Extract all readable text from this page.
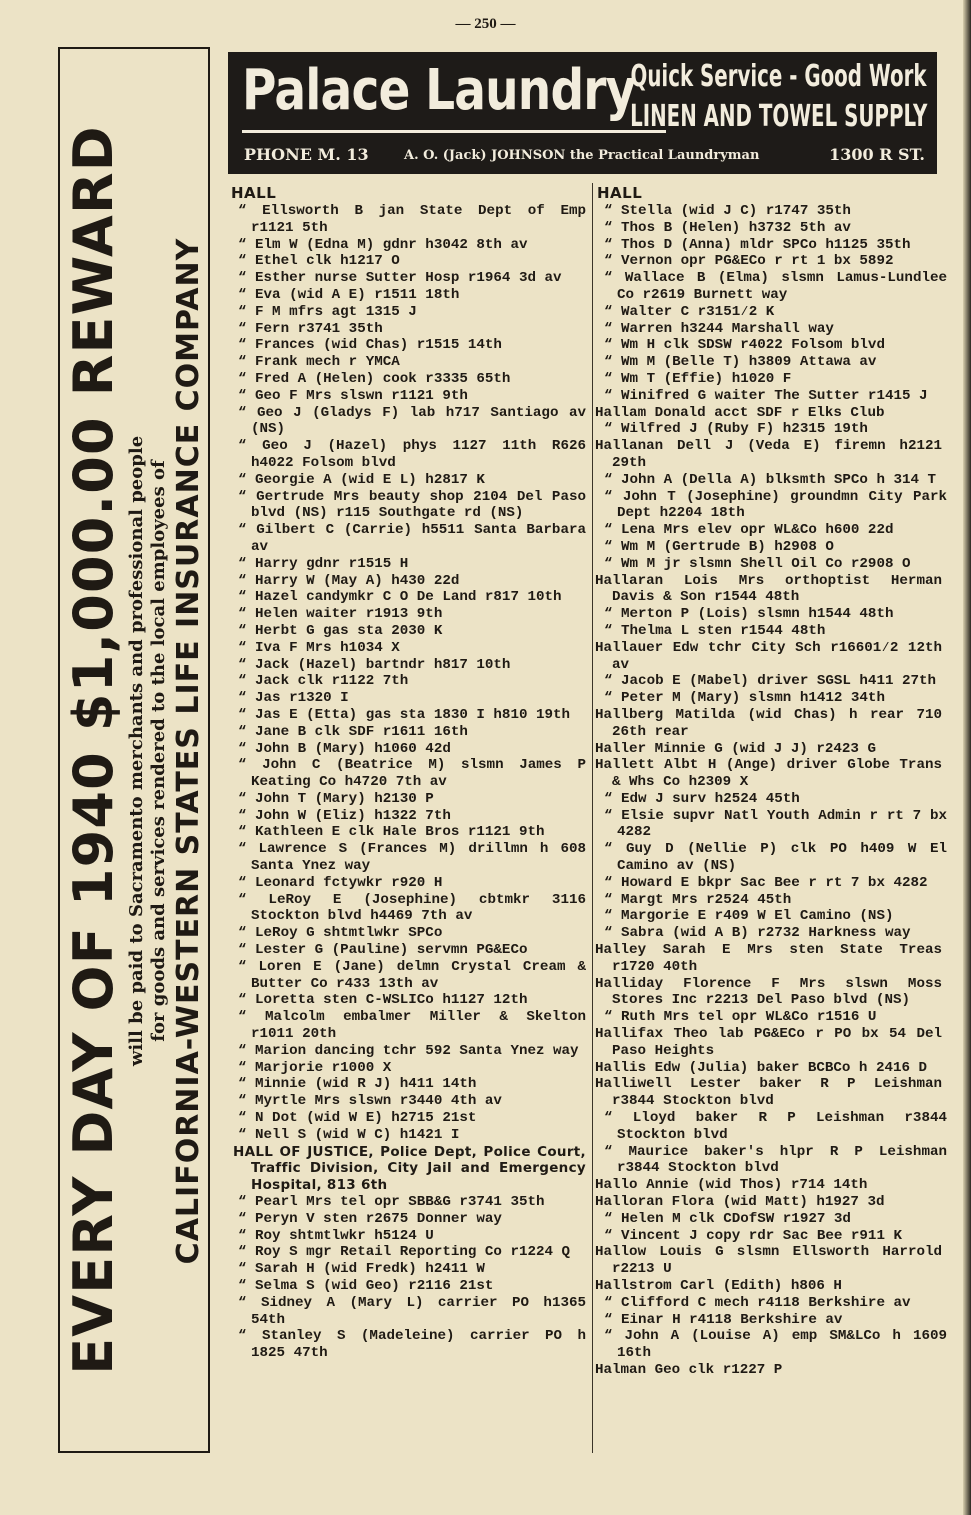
— 250 —
EVERY DAY OF 1940 $1,000.00 REWARD will be paid to Sacramento merchants and professional people for goods and services rendered to the local employees of CALIFORNIA-WESTERN STATES LIFE INSURANCE COMPANY
Palace Laundry
Quick Service - Good Work
LINEN AND TOWEL SUPPLY
PHONE M. 13	A. O. (Jack) JOHNSON the Practical Laundryman	1300 R ST.
HALL
“ Ellsworth B jan State Dept of Emp r1121 5th
“ Elm W (Edna M) gdnr h3042 8th av
“ Ethel clk h1217 O
“ Esther nurse Sutter Hosp r1964 3d av
“ Eva (wid A E) r1511 18th
“ F M mfrs agt 1315 J
“ Fern r3741 35th
“ Frances (wid Chas) r1515 14th
“ Frank mech r YMCA
“ Fred A (Helen) cook r3335 65th
“ Geo F Mrs slswn r1121 9th
“ Geo J (Gladys F) lab h717 Santiago av (NS)
“ Geo J (Hazel) phys 1127 11th R626 h4022 Folsom blvd
“ Georgie A (wid E L) h2817 K
“ Gertrude Mrs beauty shop 2104 Del Paso blvd (NS) r115 Southgate rd (NS)
“ Gilbert C (Carrie) h5511 Santa Barbara av
“ Harry gdnr r1515 H
“ Harry W (May A) h430 22d
“ Hazel candymkr C O De Land r817 10th
“ Helen waiter r1913 9th
“ Herbt G gas sta 2030 K
“ Iva F Mrs h1034 X
“ Jack (Hazel) bartndr h817 10th
“ Jack clk r1122 7th
“ Jas r1320 I
“ Jas E (Etta) gas sta 1830 I h810 19th
“ Jane B clk SDF r1611 16th
“ John B (Mary) h1060 42d
“ John C (Beatrice M) slsmn James P Keating Co h4720 7th av
“ John T (Mary) h2130 P
“ John W (Eliz) h1322 7th
“ Kathleen E clk Hale Bros r1121 9th
“ Lawrence S (Frances M) drillmn h 608 Santa Ynez way
“ Leonard fctywkr r920 H
“ LeRoy E (Josephine) cbtmkr 3116 Stockton blvd h4469 7th av
“ LeRoy G shtmtlwkr SPCo
“ Lester G (Pauline) servmn PG&ECo
“ Loren E (Jane) delmn Crystal Cream & Butter Co r433 13th av
“ Loretta sten C-WSLICo h1127 12th
“ Malcolm embalmer Miller & Skelton r1011 20th
“ Marion dancing tchr 592 Santa Ynez way
“ Marjorie r1000 X
“ Minnie (wid R J) h411 14th
“ Myrtle Mrs slswn r3440 4th av
“ N Dot (wid W E) h2715 21st
“ Nell S (wid W C) h1421 I
HALL OF JUSTICE, Police Dept, Police Court, Traffic Division, City Jail and Emergency Hospital, 813 6th
“ Pearl Mrs tel opr SBB&G r3741 35th
“ Peryn V sten r2675 Donner way
“ Roy shtmtlwkr h5124 U
“ Roy S mgr Retail Reporting Co r1224 Q
“ Sarah H (wid Fredk) h2411 W
“ Selma S (wid Geo) r2116 21st
“ Sidney A (Mary L) carrier PO h1365 54th
“ Stanley S (Madeleine) carrier PO h 1825 47th
HALL
“ Stella (wid J C) r1747 35th
“ Thos B (Helen) h3732 5th av
“ Thos D (Anna) mldr SPCo h1125 35th
“ Vernon opr PG&ECo r rt 1 bx 5892
“ Wallace B (Elma) slsmn Lamus-Lundlee Co r2619 Burnett way
“ Walter C r3151⁄2 K
“ Warren h3244 Marshall way
“ Wm H clk SDSW r4022 Folsom blvd
“ Wm M (Belle T) h3809 Attawa av
“ Wm T (Effie) h1020 F
“ Winifred G waiter The Sutter r1415 J
Hallam Donald acct SDF r Elks Club
“ Wilfred J (Ruby F) h2315 19th
Hallanan Dell J (Veda E) firemn h2121 29th
“ John A (Della A) blksmth SPCo h 314 T
“ John T (Josephine) groundmn City Park Dept h2204 18th
“ Lena Mrs elev opr WL&Co h600 22d
“ Wm M (Gertrude B) h2908 O
“ Wm M jr slsmn Shell Oil Co r2908 O
Hallaran Lois Mrs orthoptist Herman Davis & Son r1544 48th
“ Merton P (Lois) slsmn h1544 48th
“ Thelma L sten r1544 48th
Hallauer Edw tchr City Sch r16601⁄2 12th av
“ Jacob E (Mabel) driver SGSL h411 27th
“ Peter M (Mary) slsmn h1412 34th
Hallberg Matilda (wid Chas) h rear 710 26th rear
Haller Minnie G (wid J J) r2423 G
Hallett Albt H (Ange) driver Globe Trans & Whs Co h2309 X
“ Edw J surv h2524 45th
“ Elsie supvr Natl Youth Admin r rt 7 bx 4282
“ Guy D (Nellie P) clk PO h409 W El Camino av (NS)
“ Howard E bkpr Sac Bee r rt 7 bx 4282
“ Margt Mrs r2524 45th
“ Margorie E r409 W El Camino (NS)
“ Sabra (wid A B) r2732 Harkness way
Halley Sarah E Mrs sten State Treas r1720 40th
Halliday Florence F Mrs slswn Moss Stores Inc r2213 Del Paso blvd (NS)
“ Ruth Mrs tel opr WL&Co r1516 U
Hallifax Theo lab PG&ECo r PO bx 54 Del Paso Heights
Hallis Edw (Julia) baker BCBCo h 2416 D
Halliwell Lester baker R P Leishman r3844 Stockton blvd
“ Lloyd baker R P Leishman r3844 Stockton blvd
“ Maurice baker's hlpr R P Leishman r3844 Stockton blvd
Hallo Annie (wid Thos) r714 14th
Halloran Flora (wid Matt) h1927 3d
“ Helen M clk CDofSW r1927 3d
“ Vincent J copy rdr Sac Bee r911 K
Hallow Louis G slsmn Ellsworth Harrold r2213 U
Hallstrom Carl (Edith) h806 H
“ Clifford C mech r4118 Berkshire av
“ Einar H r4118 Berkshire av
“ John A (Louise A) emp SM&LCo h 1609 16th
Halman Geo clk r1227 P
